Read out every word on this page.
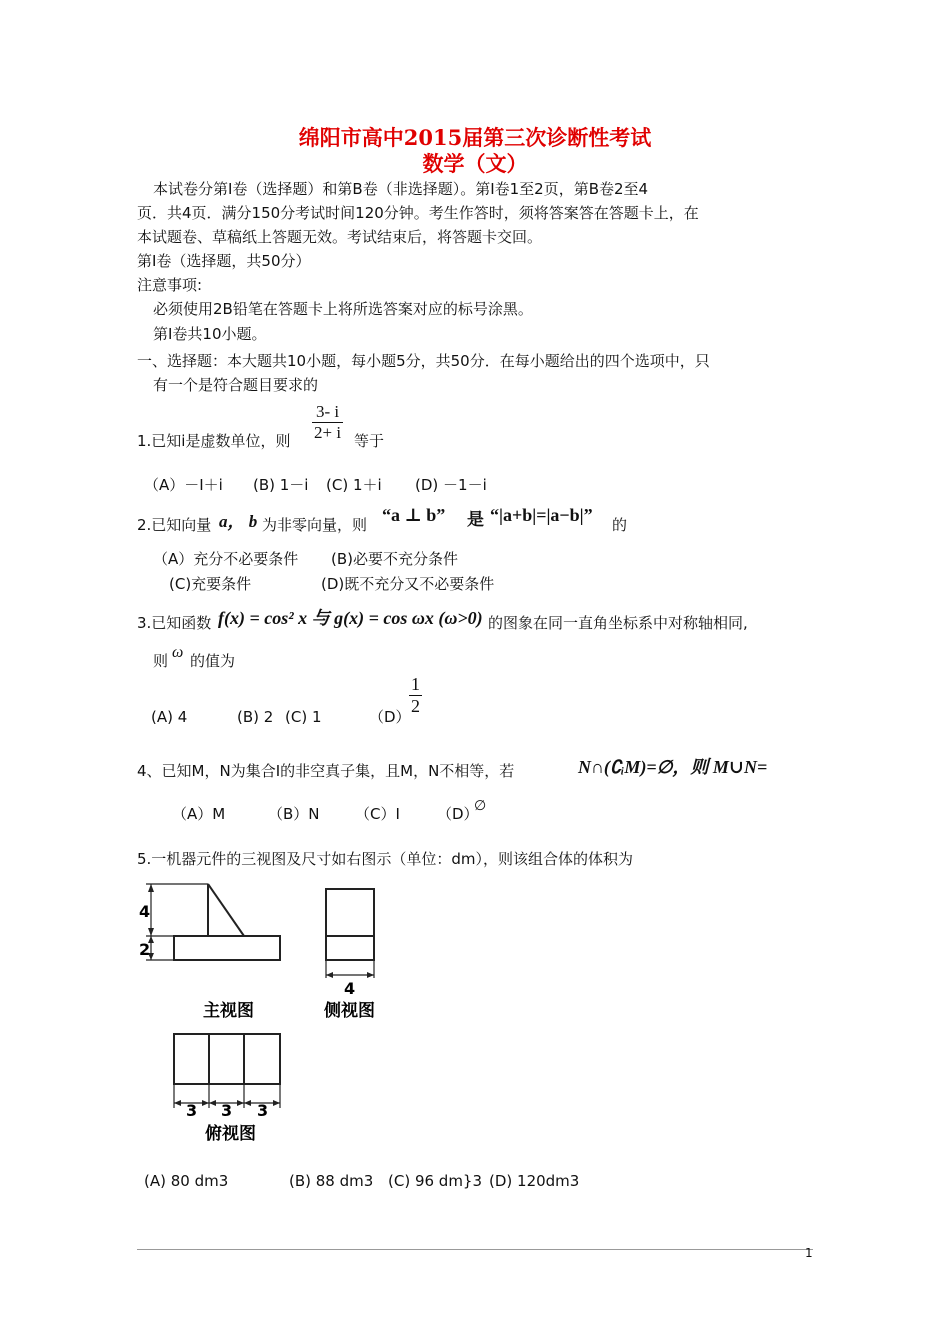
绵阳市高中2015届第三次诊断性考试
数学（文）
本试卷分第I卷（选择题）和第B卷（非选择题）。第I卷1至2页，第B卷2至4
页．共4页．满分150分考试时间120分钟。考生作答时，须将答案答在答题卡上，在
本试题卷、草稿纸上答题无效。考试结束后，将答题卡交回。
第I卷（选择题，共50分）
注意事项:
必须使用2B铅笔在答题卡上将所选答案对应的标号涂黑。
第I卷共10小题。
一、选择题：本大题共10小题，每小题5分，共50分．在每小题给出的四个选项中，只
有一个是符合题目要求的
1.已知i是虚数单位，则 $\frac{3- i}{2+ i}$ 等于
（A）－I＋i (B) 1－i (C) 1＋i (D) －1－i
2.已知向量 a， b 为非零向量，则 “a ⊥ b” 是 “|a+b|=|a−b|” 的
（A）充分不必要条件 (B)必要不充分条件
(C)充要条件	(D)既不充分又不必要条件
3.已知函数 f(x) = cos² x 与 g(x) = cos ωx (ω>0) 的图象在同一直角坐标系中对称轴相同,
则 ω 的值为
(A) 4	(B) 2 (C) 1	（D）
$\frac{1}{2}$
4、已知M，N为集合I的非空真子集，且M，N不相等，若	N∩(∁ᵢM)=∅，则 M∪N=
（A）M	（B）N （C）I （D）
∅
5.一机器元件的三视图及尺寸如右图示（单位：dm），则该组合体的体积为
4
2
4
3 3 3
主视图	侧视图
俯视图
(A) 80 dm3	(B) 88 dm3 (C) 96 dm}3 (D) 120dm3
1
